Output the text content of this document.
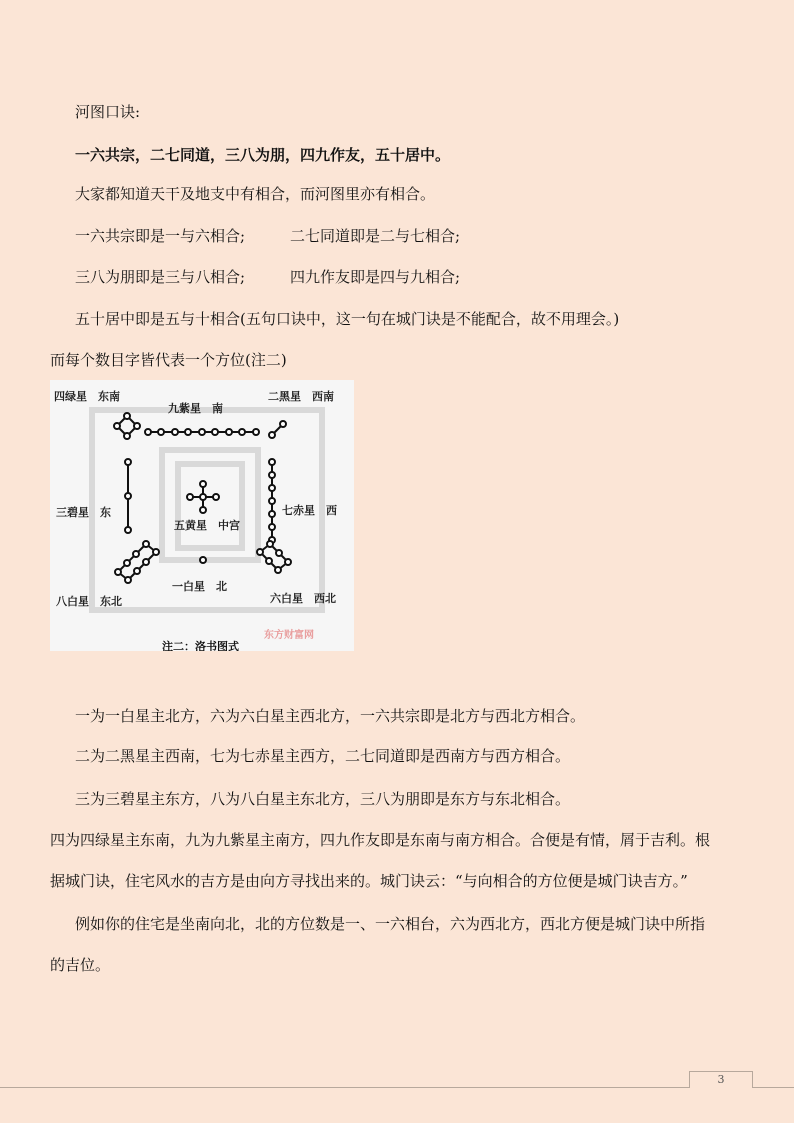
河图口诀:
一六共宗，二七同道，三八为朋，四九作友，五十居中。
大家都知道天干及地支中有相合，而河图里亦有相合。
一六共宗即是一与六相合;	二七同道即是二与七相合;
三八为朋即是三与八相合;	四九作友即是四与九相合;
五十居中即是五与十相合(五句口诀中，这一句在城门诀是不能配合，故不用理会。)
而每个数目字皆代表一个方位(注二)
四绿星　东南
九紫星　南
二黑星　西南
三碧星　东
五黄星　中宫
七赤星　西
八白星　东北
一白星　北
六白星　西北
东方财富网
注二：洛书图式
一为一白星主北方，六为六白星主西北方，一六共宗即是北方与西北方相合。
二为二黑星主西南，七为七赤星主西方，二七同道即是西南方与西方相合。
三为三碧星主东方，八为八白星主东北方，三八为朋即是东方与东北相合。
四为四绿星主东南，九为九紫星主南方，四九作友即是东南与南方相合。合便是有情，屑于吉利。根
据城门诀，住宅风水的吉方是由向方寻找出来的。城门诀云：“与向相合的方位便是城门诀吉方。”
例如你的住宅是坐南向北，北的方位数是一、一六相台，六为西北方，西北方便是城门诀中所指
的吉位。
3
